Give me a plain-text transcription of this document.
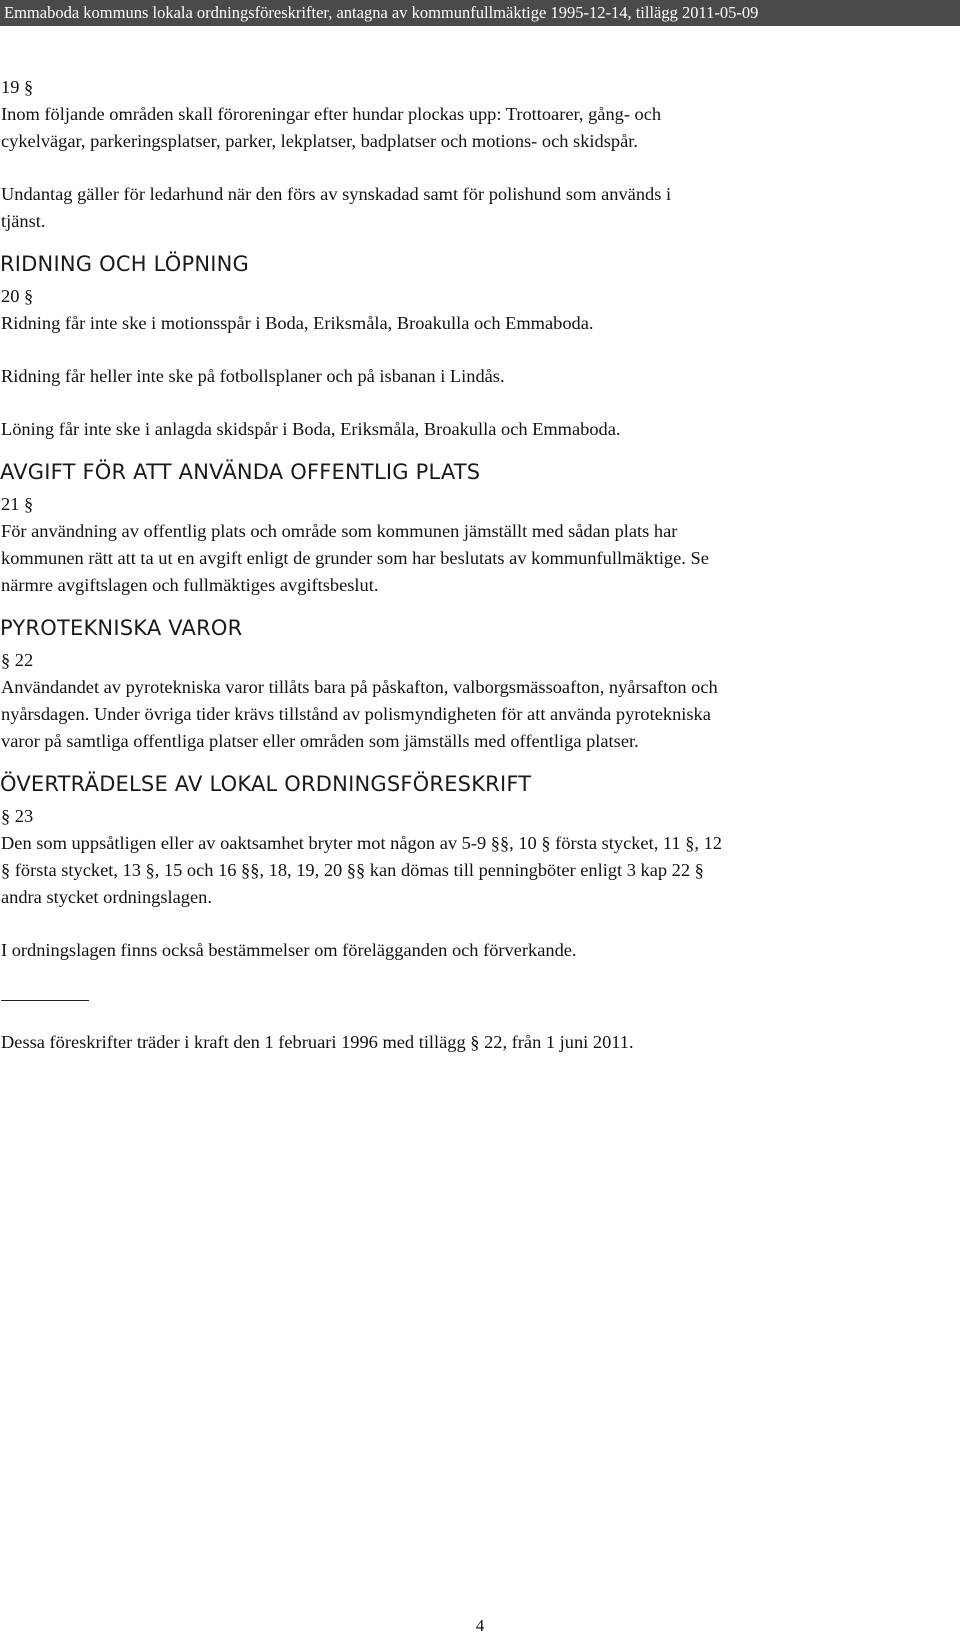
Emmaboda kommuns lokala ordningsföreskrifter, antagna av kommunfullmäktige 1995-12-14, tillägg 2011-05-09

19 §

Inom följande områden skall föroreningar efter hundar plockas upp: Trottoarer, gång- och

cykelvägar, parkeringsplatser, parker, lekplatser, badplatser och motions- och skidspår.

Undantag gäller för ledarhund när den förs av synskadad samt för polishund som används i

tjänst.

RIDNING OCH LÖPNING

20 §

Ridning får inte ske i motionsspår i Boda, Eriksmåla, Broakulla och Emmaboda.

Ridning får heller inte ske på fotbollsplaner och på isbanan i Lindås.

Löning får inte ske i anlagda skidspår i Boda, Eriksmåla, Broakulla och Emmaboda.

AVGIFT FÖR ATT ANVÄNDA OFFENTLIG PLATS

21 §

För användning av offentlig plats och område som kommunen jämställt med sådan plats har

kommunen rätt att ta ut en avgift enligt de grunder som har beslutats av kommunfullmäktige. Se

närmre avgiftslagen och fullmäktiges avgiftsbeslut.

PYROTEKNISKA VAROR

§ 22

Användandet av pyrotekniska varor tillåts bara på påskafton, valborgsmässoafton, nyårsafton och

nyårsdagen. Under övriga tider krävs tillstånd av polismyndigheten för att använda pyrotekniska

varor på samtliga offentliga platser eller områden som jämställs med offentliga platser.

ÖVERTRÄDELSE AV LOKAL ORDNINGSFÖRESKRIFT

§ 23

Den som uppsåtligen eller av oaktsamhet bryter mot någon av 5-9 §§, 10 § första stycket, 11 §, 12

§ första stycket, 13 §, 15 och 16 §§, 18, 19, 20 §§ kan dömas till penningböter enligt 3 kap 22 §

andra stycket ordningslagen.

I ordningslagen finns också bestämmelser om förelägganden och förverkande.

Dessa föreskrifter träder i kraft den 1 februari 1996 med tillägg § 22, från 1 juni 2011.

4
